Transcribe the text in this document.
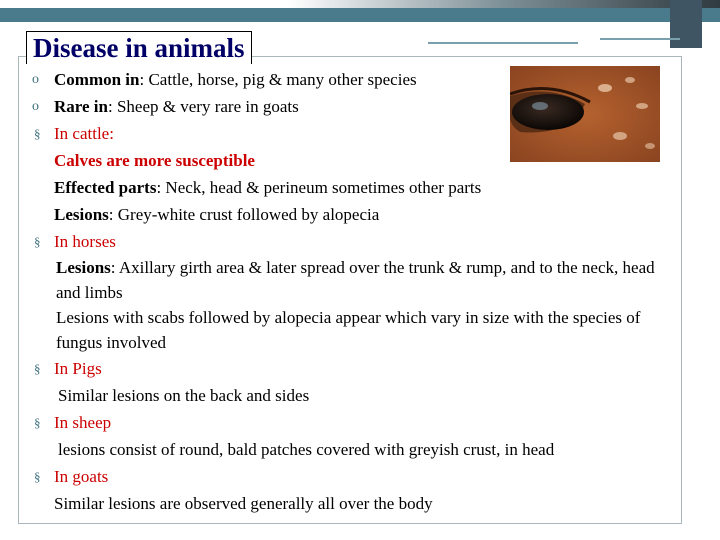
Disease in animals
o Common in: Cattle, horse, pig & many other species
o Rare in: Sheep & very rare in goats
§ In cattle:
Calves are more susceptible
Effected parts: Neck, head & perineum sometimes other parts
Lesions: Grey-white crust followed by alopecia
§ In horses
Lesions: Axillary girth area & later spread over the trunk & rump, and to the neck, head and limbs
Lesions with scabs followed by alopecia appear which vary in size with the species of fungus involved
§ In Pigs
Similar lesions on the back and sides
§ In sheep
lesions consist of round, bald patches covered with greyish crust, in head
§ In goats
Similar lesions are observed generally all over the body
